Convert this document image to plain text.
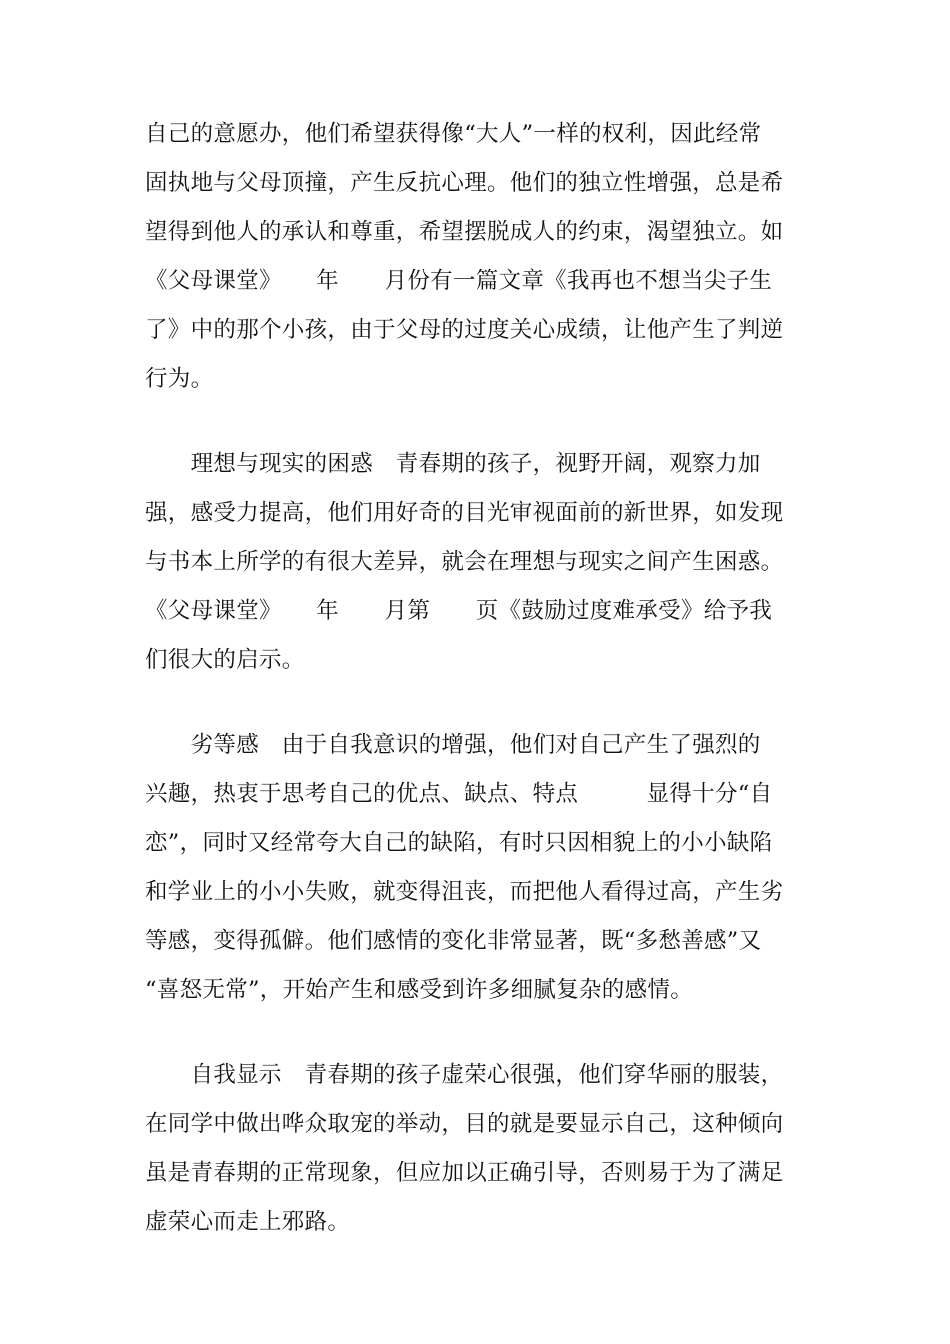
自己的意愿办，他们希望获得像“大人”一样的权利，因此经常
固执地与父母顶撞，产生反抗心理。他们的独立性增强，总是希
望得到他人的承认和尊重，希望摆脱成人的约束，渴望独立。如
《父母课堂》　　年　　月份有一篇文章《我再也不想当尖子生
了》中的那个小孩，由于父母的过度关心成绩，让他产生了判逆
行为。
　　理想与现实的困惑　青春期的孩子，视野开阔，观察力加
强，感受力提高，他们用好奇的目光审视面前的新世界，如发现
与书本上所学的有很大差异，就会在理想与现实之间产生困惑。
《父母课堂》　　年　　月第　　页《鼓励过度难承受》给予我
们很大的启示。
　　劣等感　由于自我意识的增强，他们对自己产生了强烈的
兴趣，热衷于思考自己的优点、缺点、特点　　　显得十分“自
恋”，同时又经常夸大自己的缺陷，有时只因相貌上的小小缺陷
和学业上的小小失败，就变得沮丧，而把他人看得过高，产生劣
等感，变得孤僻。他们感情的变化非常显著，既“多愁善感”又
“喜怒无常”，开始产生和感受到许多细腻复杂的感情。
　　自我显示　青春期的孩子虚荣心很强，他们穿华丽的服装，
在同学中做出哗众取宠的举动，目的就是要显示自己，这种倾向
虽是青春期的正常现象，但应加以正确引导，否则易于为了满足
虚荣心而走上邪路。
